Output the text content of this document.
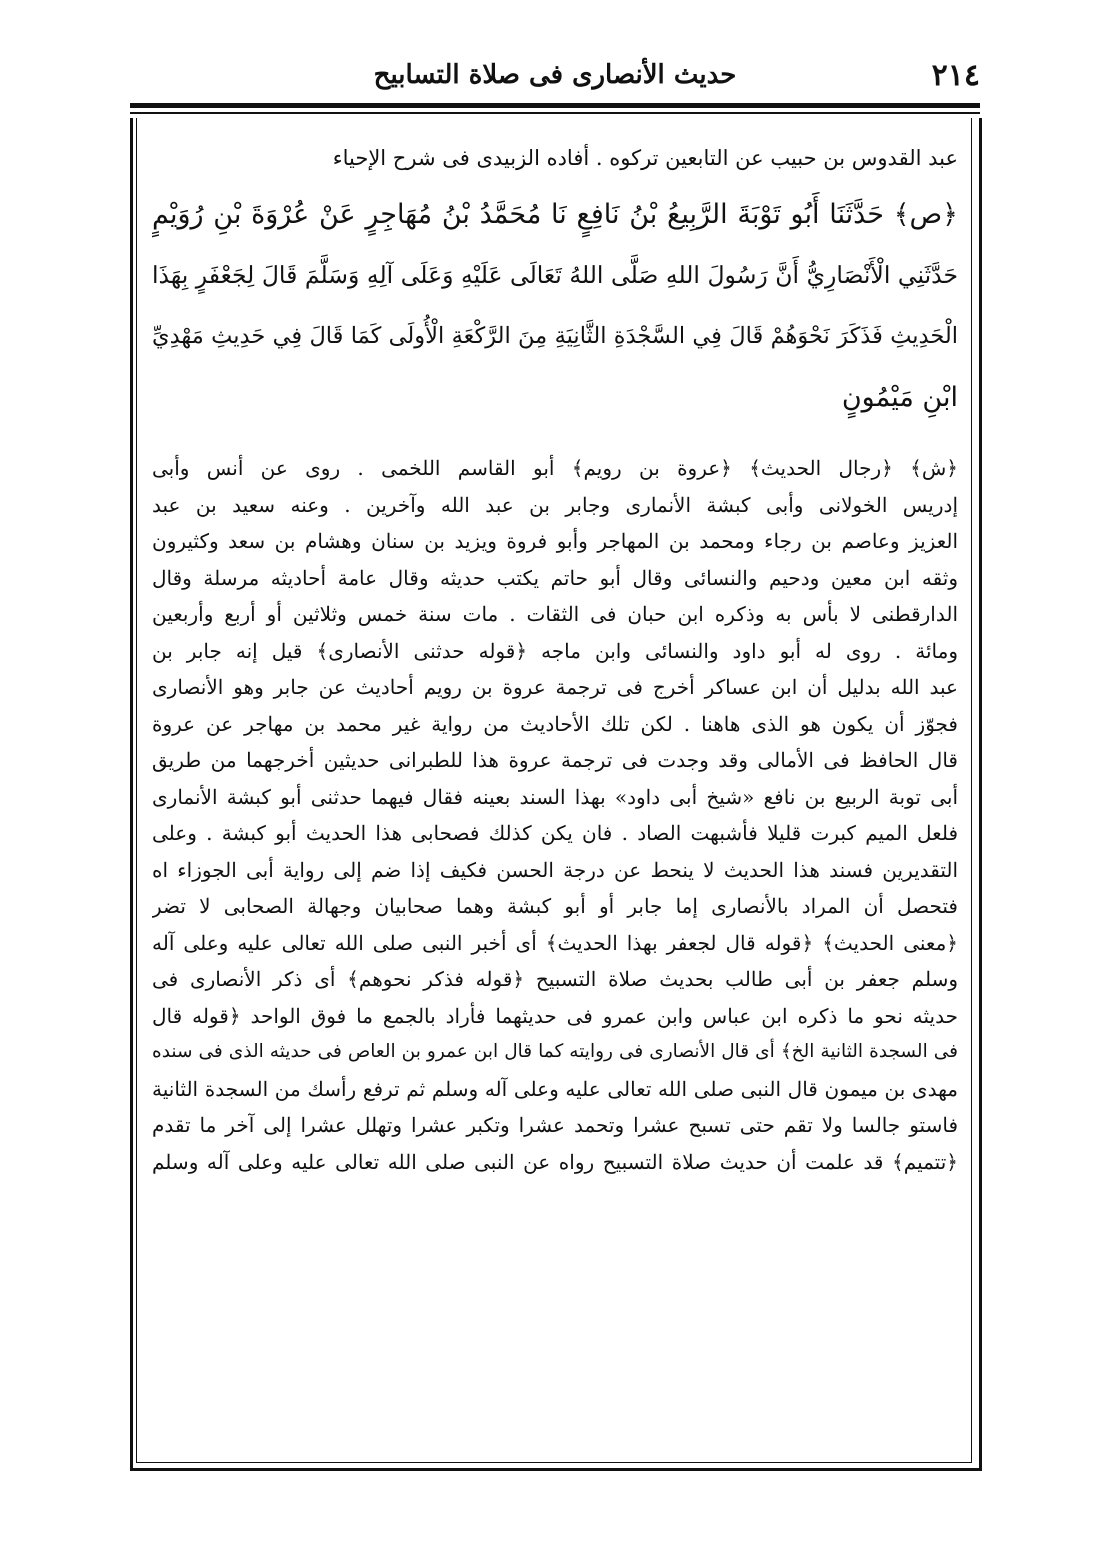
٢١٤
حديث الأنصارى فى صلاة التسابيح
عبد القدوس بن حبيب عن التابعين تركوه . أفاده الزبيدى فى شرح الإحياء
﴿ص﴾ حَدَّثَنَا أَبُو تَوْبَةَ الرَّبِيعُ بْنُ نَافِعٍ نَا مُحَمَّدُ بْنُ مُهَاجِرٍ عَنْ عُرْوَةَ بْنِ رُوَيْمٍ
حَدَّثَنِي الْأَنْصَارِيُّ أَنَّ رَسُولَ اللهِ صَلَّى اللهُ تَعَالَى عَلَيْهِ وَعَلَى آلِهِ وَسَلَّمَ قَالَ لِجَعْفَرٍ بِهَذَا
الْحَدِيثِ فَذَكَرَ نَحْوَهُمْ قَالَ فِي السَّجْدَةِ الثَّانِيَةِ مِنَ الرَّكْعَةِ الْأُولَى كَمَا قَالَ فِي حَدِيثِ مَهْدِيِّ
ابْنِ مَيْمُونٍ
﴿ش﴾ ﴿رجال الحديث﴾ ﴿عروة بن رويم﴾ أبو القاسم اللخمى . روى عن أنس وأبى
إدريس الخولانى وأبى كبشة الأنمارى وجابر بن عبد الله وآخرين . وعنه سعيد بن عبد
العزيز وعاصم بن رجاء ومحمد بن المهاجر وأبو فروة ويزيد بن سنان وهشام بن سعد وكثيرون
وثقه ابن معين ودحيم والنسائى وقال أبو حاتم يكتب حديثه وقال عامة أحاديثه مرسلة وقال
الدارقطنى لا بأس به وذكره ابن حبان فى الثقات . مات سنة خمس وثلاثين أو أربع وأربعين
ومائة . روى له أبو داود والنسائى وابن ماجه ﴿قوله حدثنى الأنصارى﴾ قيل إنه جابر بن
عبد الله بدليل أن ابن عساكر أخرج فى ترجمة عروة بن رويم أحاديث عن جابر وهو الأنصارى
فجوّز أن يكون هو الذى هاهنا . لكن تلك الأحاديث من رواية غير محمد بن مهاجر عن عروة
قال الحافظ فى الأمالى وقد وجدت فى ترجمة عروة هذا للطبرانى حديثين أخرجهما من طريق
أبى توبة الربيع بن نافع «شيخ أبى داود» بهذا السند بعينه فقال فيهما حدثنى أبو كبشة الأنمارى
فلعل الميم كبرت قليلا فأشبهت الصاد . فان يكن كذلك فصحابى هذا الحديث أبو كبشة . وعلى
التقديرين فسند هذا الحديث لا ينحط عن درجة الحسن فكيف إذا ضم إلى رواية أبى الجوزاء اه
فتحصل أن المراد بالأنصارى إما جابر أو أبو كبشة وهما صحابيان وجهالة الصحابى لا تضر
﴿معنى الحديث﴾ ﴿قوله قال لجعفر بهذا الحديث﴾ أى أخبر النبى صلى الله تعالى عليه وعلى آله
وسلم جعفر بن أبى طالب بحديث صلاة التسبيح ﴿قوله فذكر نحوهم﴾ أى ذكر الأنصارى فى
حديثه نحو ما ذكره ابن عباس وابن عمرو فى حديثهما فأراد بالجمع ما فوق الواحد ﴿قوله قال
فى السجدة الثانية الخ﴾ أى قال الأنصارى فى روايته كما قال ابن عمرو بن العاص فى حديثه الذى فى سنده
مهدى بن ميمون قال النبى صلى الله تعالى عليه وعلى آله وسلم ثم ترفع رأسك من السجدة الثانية
فاستو جالسا ولا تقم حتى تسبح عشرا وتحمد عشرا وتكبر عشرا وتهلل عشرا إلى آخر ما تقدم
﴿تتميم﴾ قد علمت أن حديث صلاة التسبيح رواه عن النبى صلى الله تعالى عليه وعلى آله وسلم
